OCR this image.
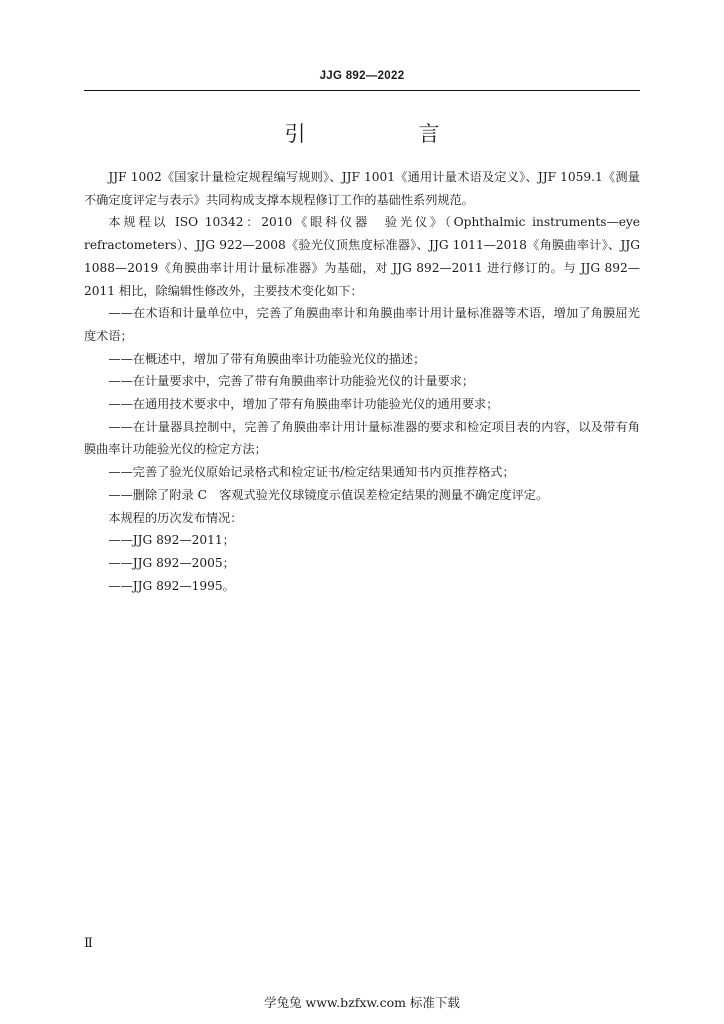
JJG 892—2022
引　言

JJF 1002《国家计量检定规程编写规则》、JJF 1001《通用计量术语及定义》、JJF 1059.1《测量不确定度评定与表示》共同构成支撑本规程修订工作的基础性系列规范。

本规程以 ISO 10342：2010《眼科仪器　验光仪》（Ophthalmic instruments—eye refractometers）、JJG 922—2008《验光仪顶焦度标准器》、JJG 1011—2018《角膜曲率计》、JJG 1088—2019《角膜曲率计用计量标准器》为基础，对 JJG 892—2011 进行修订的。与 JJG 892—2011 相比，除编辑性修改外，主要技术变化如下：

——在术语和计量单位中，完善了角膜曲率计和角膜曲率计用计量标准器等术语，增加了角膜屈光度术语；

——在概述中，增加了带有角膜曲率计功能验光仪的描述；

——在计量要求中，完善了带有角膜曲率计功能验光仪的计量要求；

——在通用技术要求中，增加了带有角膜曲率计功能验光仪的通用要求；

——在计量器具控制中，完善了角膜曲率计用计量标准器的要求和检定项目表的内容，以及带有角膜曲率计功能验光仪的检定方法；

——完善了验光仪原始记录格式和检定证书/检定结果通知书内页推荐格式；

——删除了附录 C　客观式验光仪球镜度示值误差检定结果的测量不确定度评定。

本规程的历次发布情况：

——JJG 892—2011；

——JJG 892—2005；

——JJG 892—1995。

Ⅱ
学兔兔 www.bzfxw.com 标准下载
